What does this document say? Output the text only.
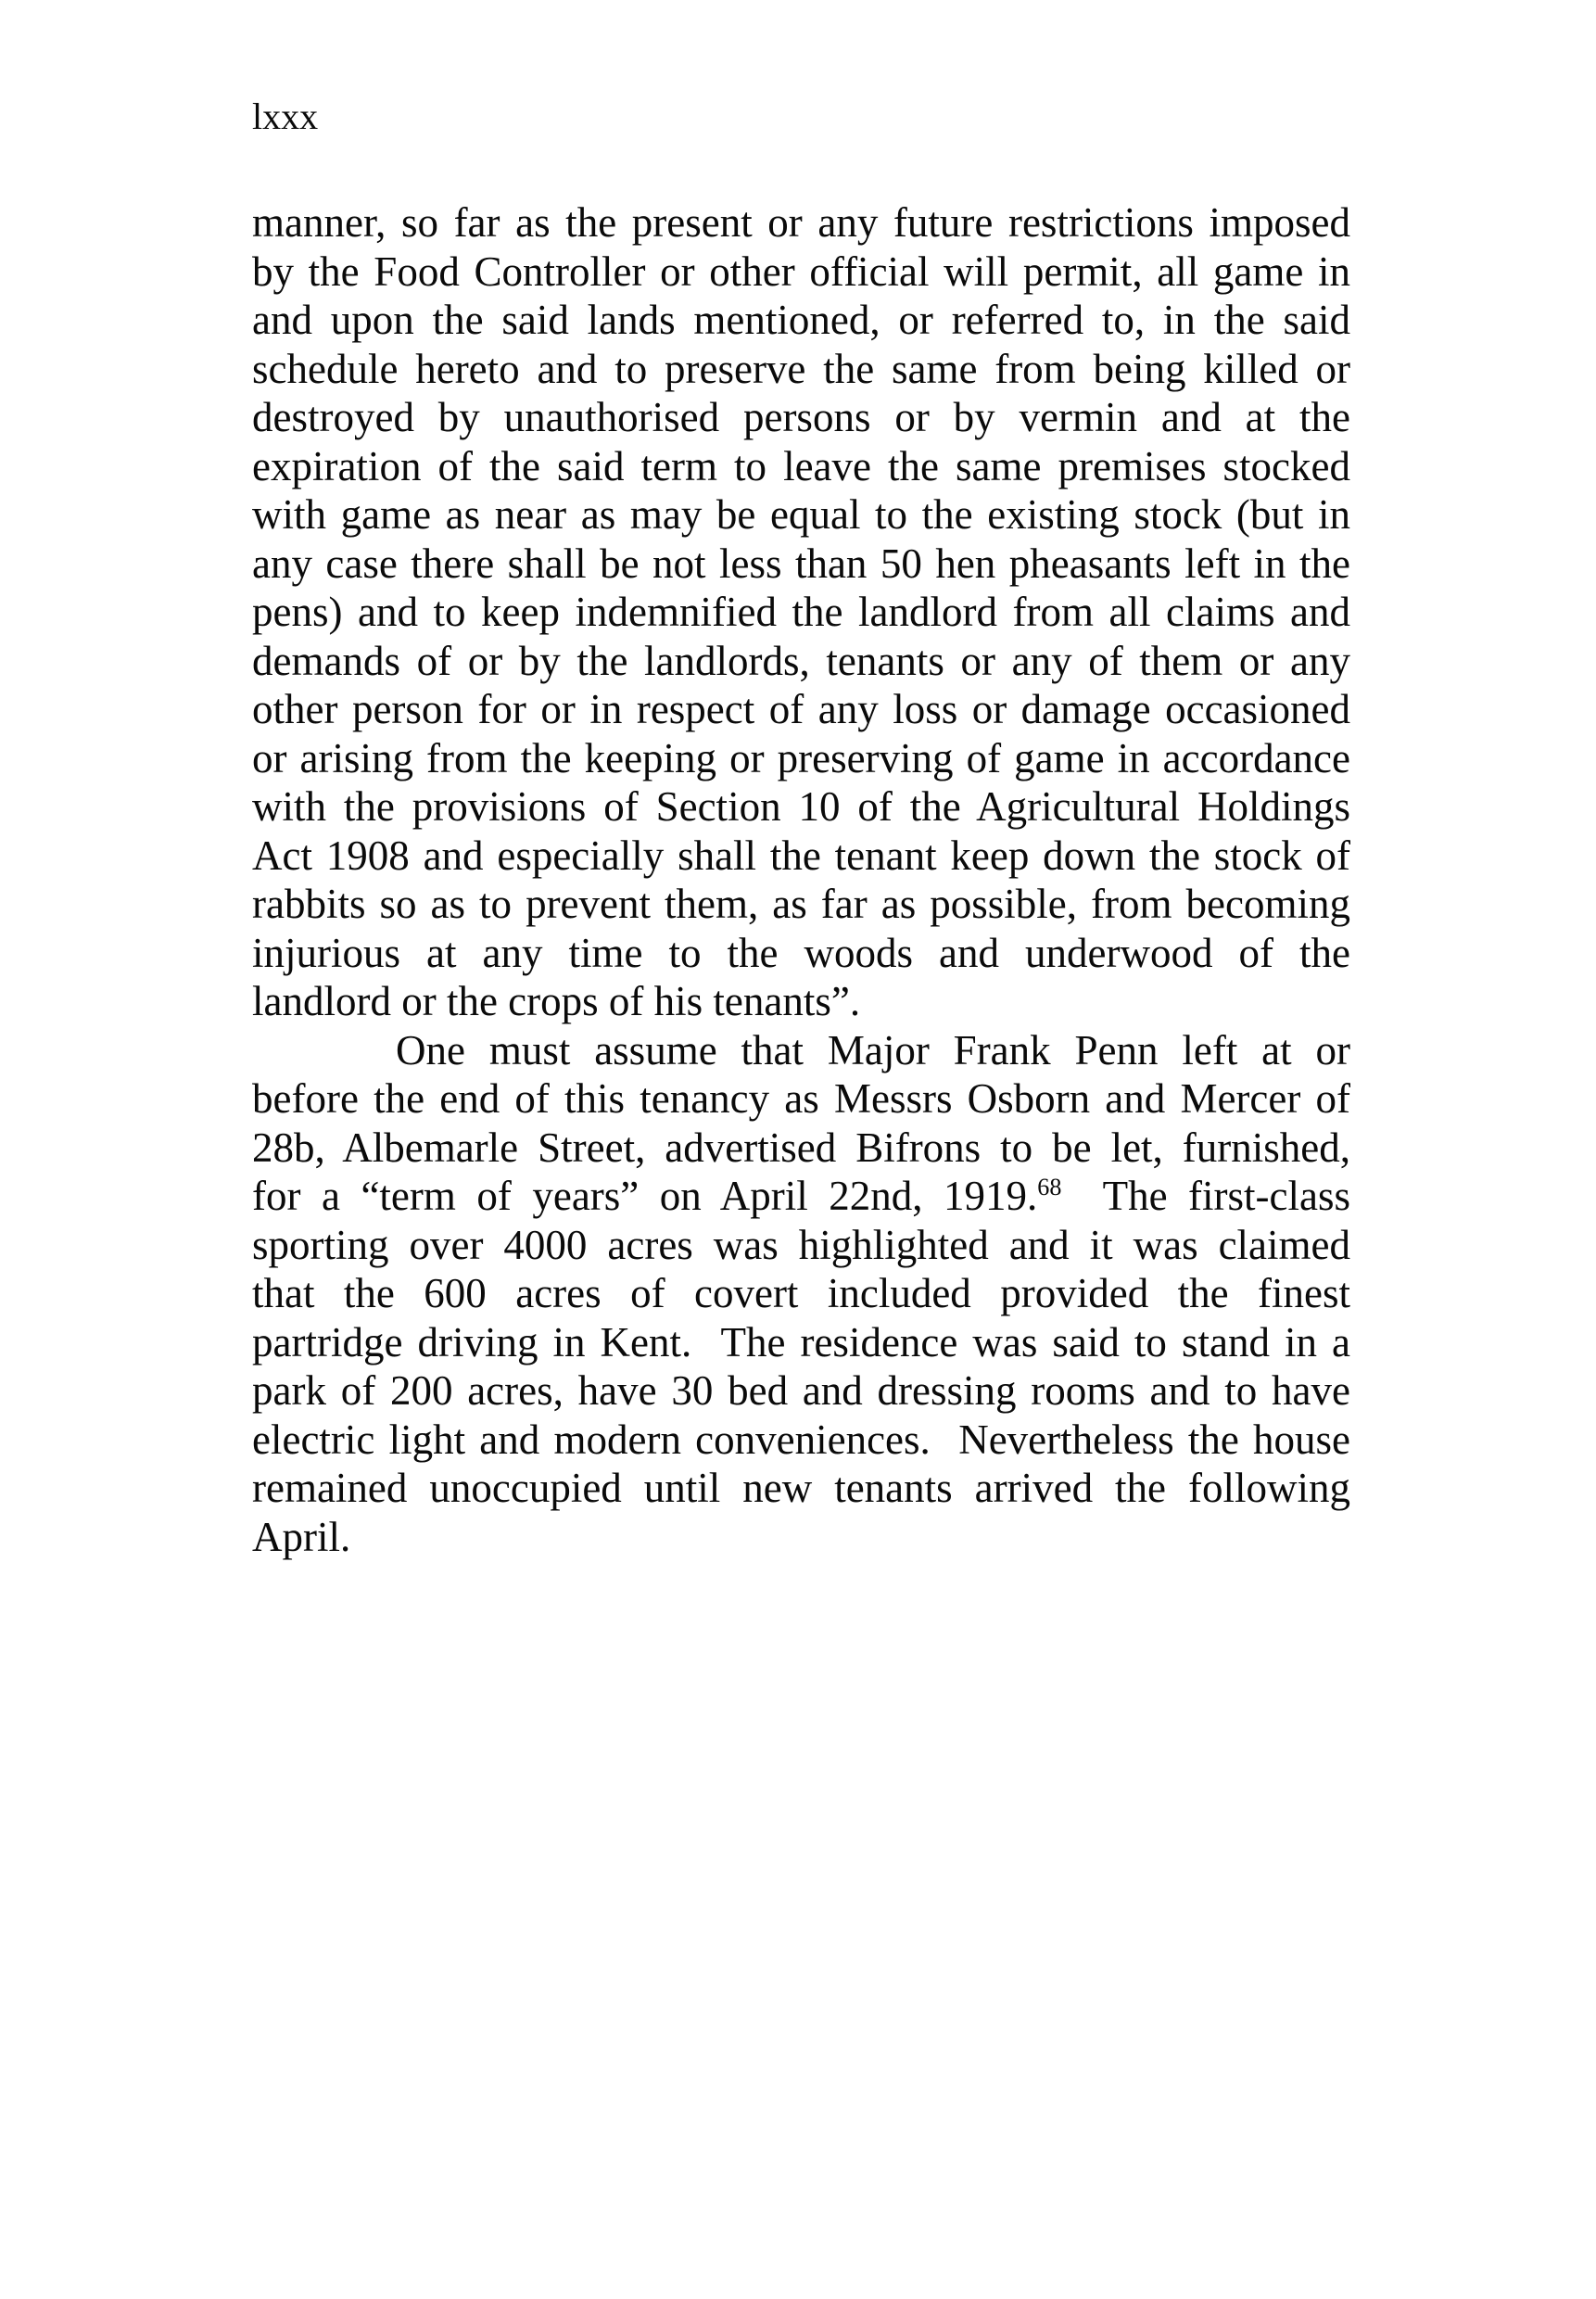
lxxx
manner, so far as the present or any future restrictions imposed
by the Food Controller or other official will permit, all game in
and upon the said lands mentioned, or referred to, in the said
schedule hereto and to preserve the same from being killed or
destroyed by unauthorised persons or by vermin and at the
expiration of the said term to leave the same premises stocked
with game as near as may be equal to the existing stock (but in
any case there shall be not less than 50 hen pheasants left in the
pens) and to keep indemnified the landlord from all claims and
demands of or by the landlords, tenants or any of them or any
other person for or in respect of any loss or damage occasioned
or arising from the keeping or preserving of game in accordance
with the provisions of Section 10 of the Agricultural Holdings
Act 1908 and especially shall the tenant keep down the stock of
rabbits so as to prevent them, as far as possible, from becoming
injurious at any time to the woods and underwood of the
landlord or the crops of his tenants”.
One must assume that Major Frank Penn left at or
before the end of this tenancy as Messrs Osborn and Mercer of
28b, Albemarle Street, advertised Bifrons to be let, furnished,
for a “term of years” on April 22nd, 1919.68  The first-class
sporting over 4000 acres was highlighted and it was claimed
that the 600 acres of covert included provided the finest
partridge driving in Kent.  The residence was said to stand in a
park of 200 acres, have 30 bed and dressing rooms and to have
electric light and modern conveniences.  Nevertheless the house
remained unoccupied until new tenants arrived the following
April.
